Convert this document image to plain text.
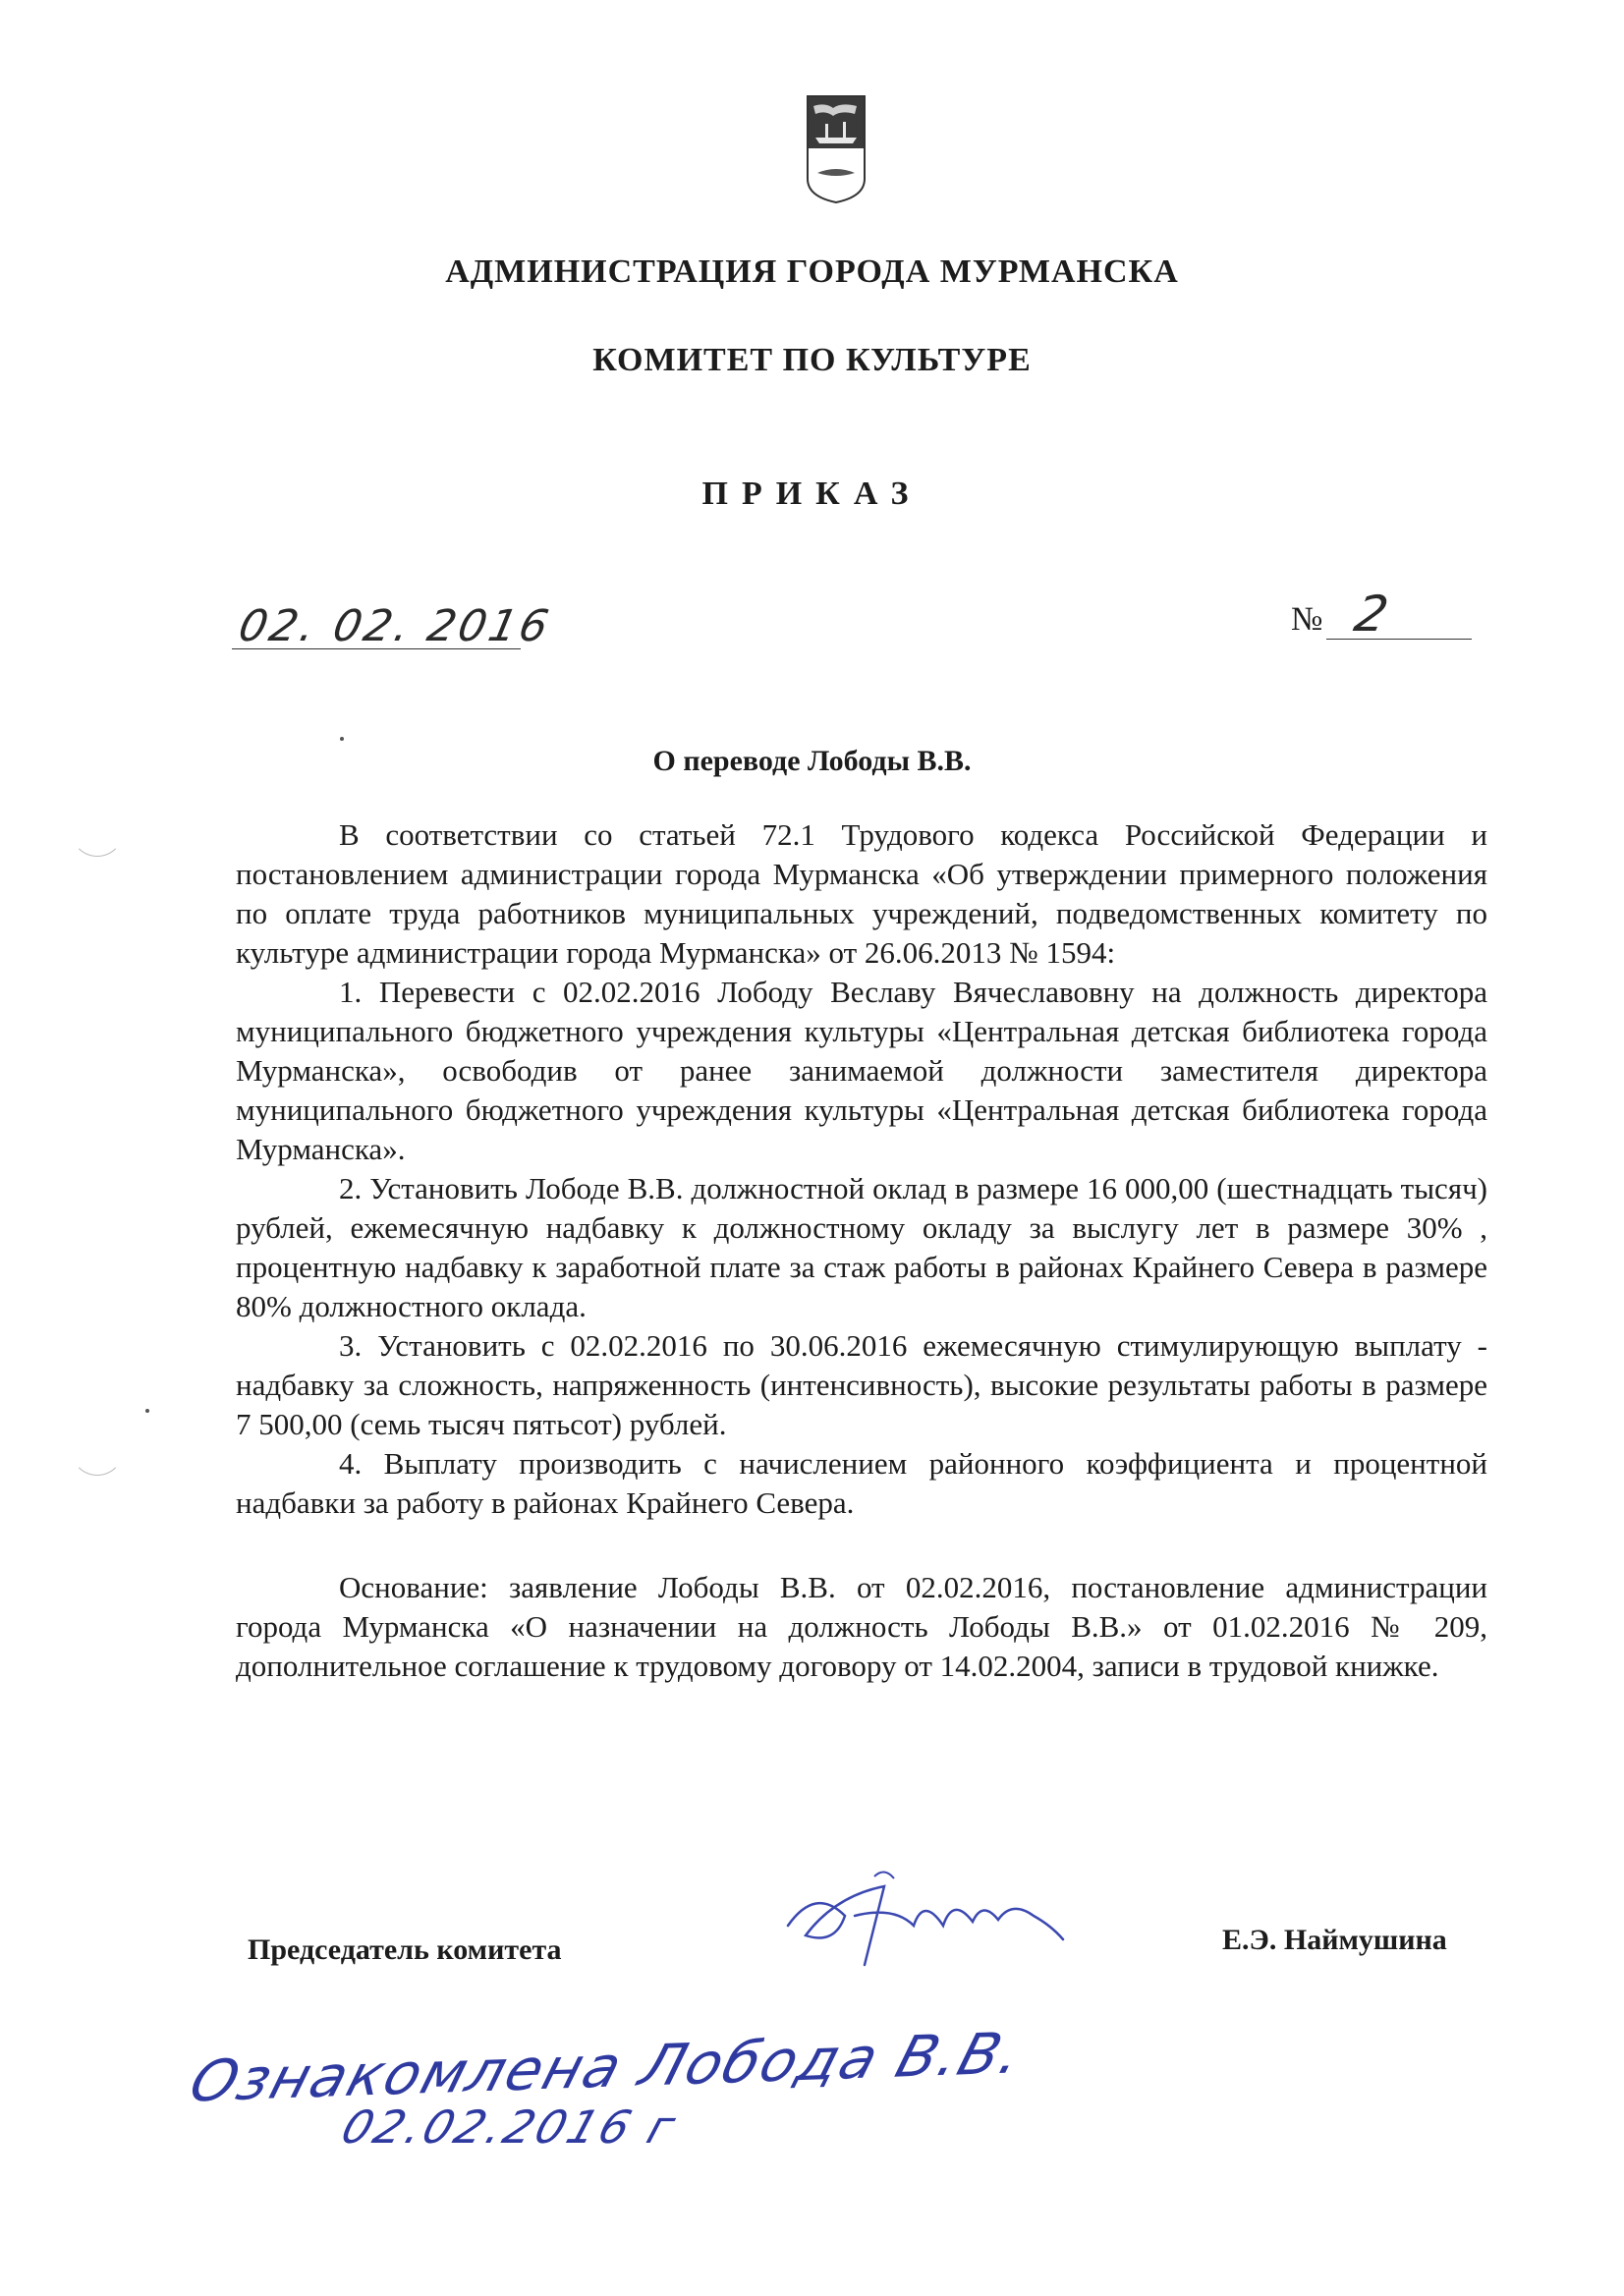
АДМИНИСТРАЦИЯ ГОРОДА МУРМАНСКА
КОМИТЕТ ПО КУЛЬТУРЕ
ПРИКАЗ
02. 02. 2016	№ 2
О переводе Лободы В.В.

В соответствии со статьей 72.1 Трудового кодекса Российской Федерации и постановлением администрации города Мурманска «Об утверждении примерного положения по оплате труда работников муниципальных учреждений, подведомственных комитету по культуре администрации города Мурманска» от 26.06.2013 № 1594:

1. Перевести с 02.02.2016 Лободу Веславу Вячеславовну на должность директора муниципального бюджетного учреждения культуры «Центральная детская библиотека города Мурманска», освободив от ранее занимаемой должности заместителя директора муниципального бюджетного учреждения культуры «Центральная детская библиотека города Мурманска».

2. Установить Лободе В.В. должностной оклад в размере 16 000,00 (шестнадцать тысяч) рублей, ежемесячную надбавку к должностному окладу за выслугу лет в размере 30% , процентную надбавку к заработной плате за стаж работы в районах Крайнего Севера в размере 80% должностного оклада.

3. Установить с 02.02.2016 по 30.06.2016 ежемесячную стимулирующую выплату - надбавку за сложность, напряженность (интенсивность), высокие результаты работы в размере 7 500,00 (семь тысяч пятьсот) рублей.

4. Выплату производить с начислением районного коэффициента и процентной надбавки за работу в районах Крайнего Севера.

Основание: заявление Лободы В.В. от 02.02.2016, постановление администрации города Мурманска «О назначении на должность Лободы В.В.» от 01.02.2016 № 209, дополнительное соглашение к трудовому договору от 14.02.2004, записи в трудовой книжке.

Председатель комитета	Е.Э. Наймушина
Ознакомлена Лобода В.В.
02.02.2016 г
